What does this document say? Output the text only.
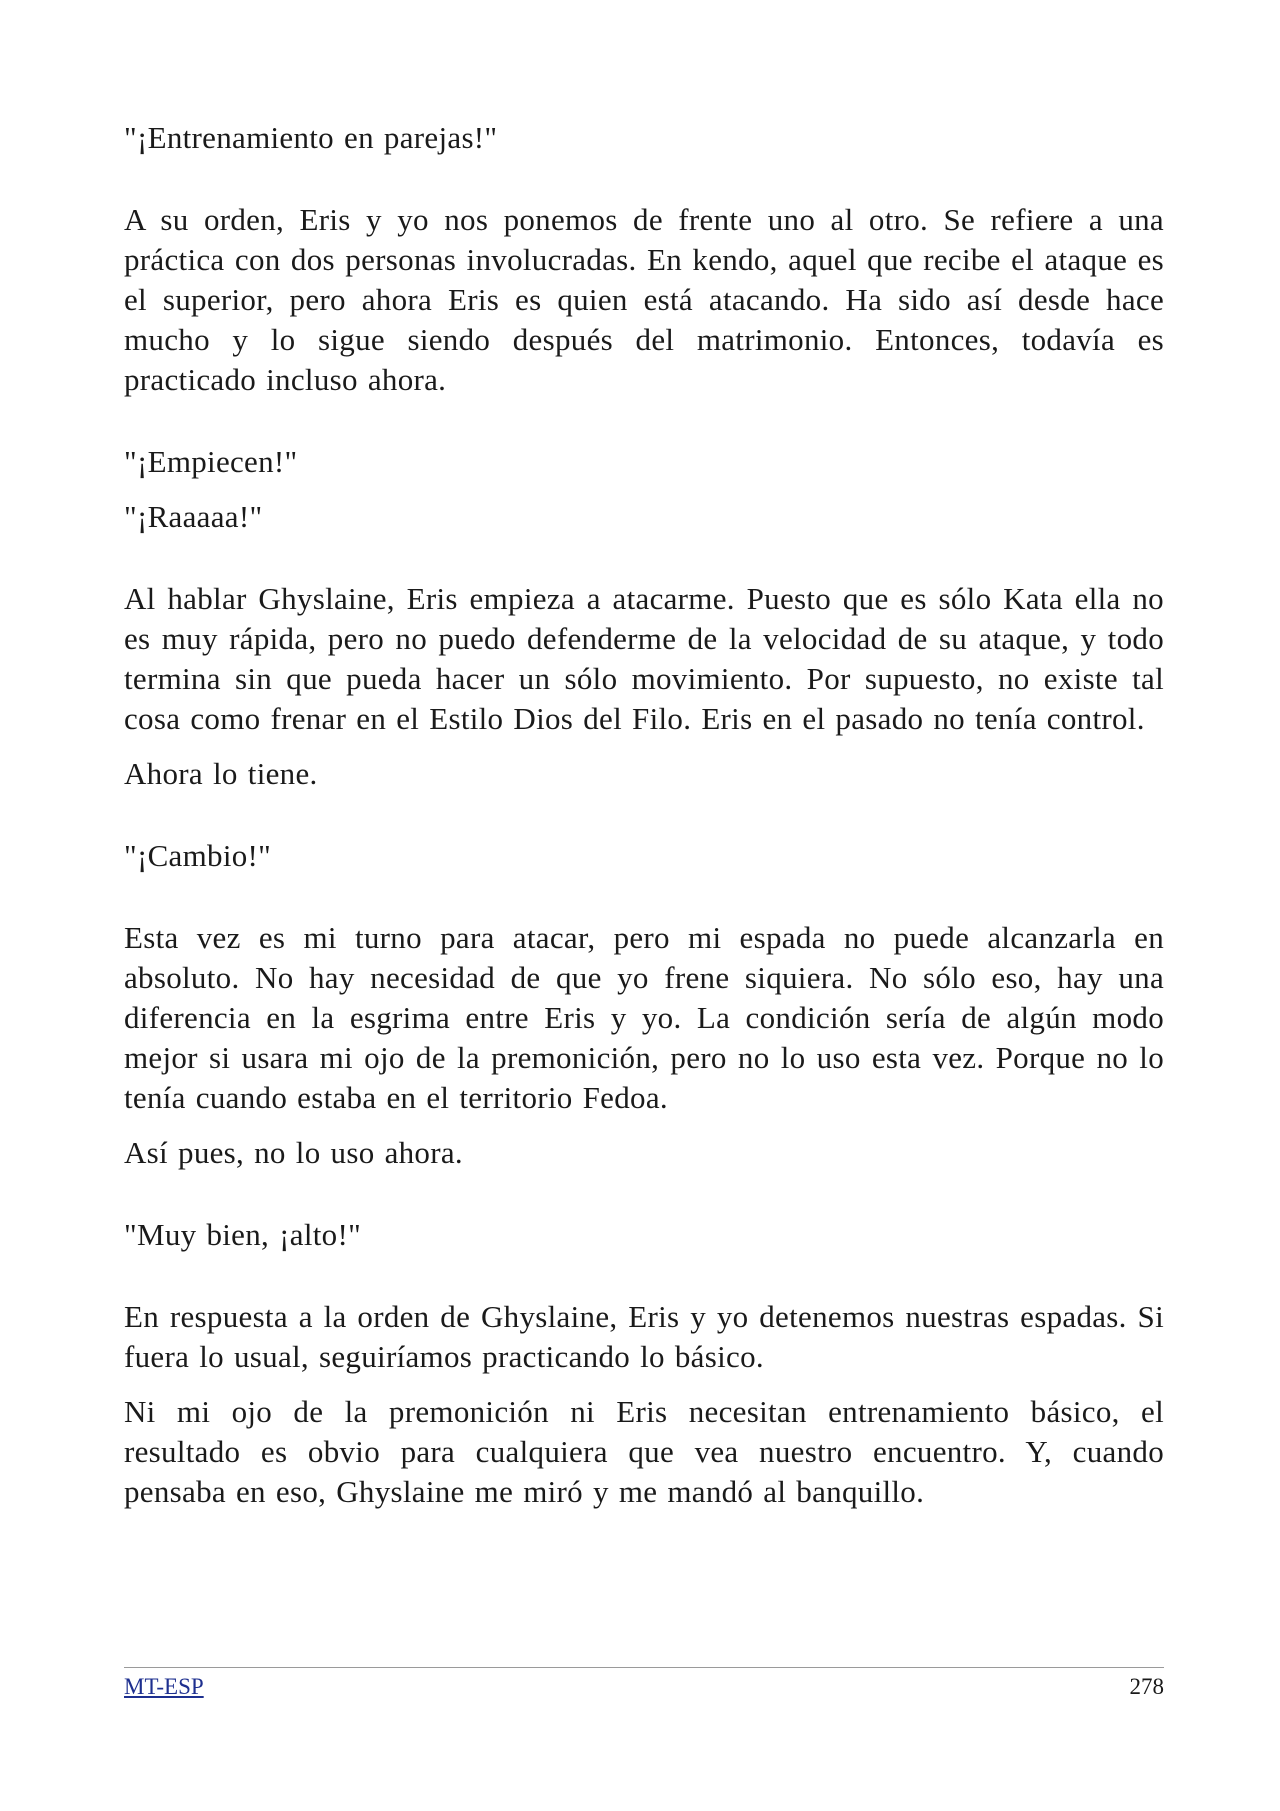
"¡Entrenamiento en parejas!"

A su orden, Eris y yo nos ponemos de frente uno al otro. Se refiere a una práctica con dos personas involucradas. En kendo, aquel que recibe el ataque es el superior, pero ahora Eris es quien está atacando. Ha sido así desde hace mucho y lo sigue siendo después del matrimonio. Entonces, todavía es practicado incluso ahora.

"¡Empiecen!"

"¡Raaaaa!"

Al hablar Ghyslaine, Eris empieza a atacarme. Puesto que es sólo Kata ella no es muy rápida, pero no puedo defenderme de la velocidad de su ataque, y todo termina sin que pueda hacer un sólo movimiento. Por supuesto, no existe tal cosa como frenar en el Estilo Dios del Filo. Eris en el pasado no tenía control.

Ahora lo tiene.

"¡Cambio!"

Esta vez es mi turno para atacar, pero mi espada no puede alcanzarla en absoluto. No hay necesidad de que yo frene siquiera. No sólo eso, hay una diferencia en la esgrima entre Eris y yo. La condición sería de algún modo mejor si usara mi ojo de la premonición, pero no lo uso esta vez. Porque no lo tenía cuando estaba en el territorio Fedoa.

Así pues, no lo uso ahora.

"Muy bien, ¡alto!"

En respuesta a la orden de Ghyslaine, Eris y yo detenemos nuestras espadas. Si fuera lo usual, seguiríamos practicando lo básico.

Ni mi ojo de la premonición ni Eris necesitan entrenamiento básico, el resultado es obvio para cualquiera que vea nuestro encuentro. Y, cuando pensaba en eso, Ghyslaine me miró y me mandó al banquillo.

MT-ESP	278
